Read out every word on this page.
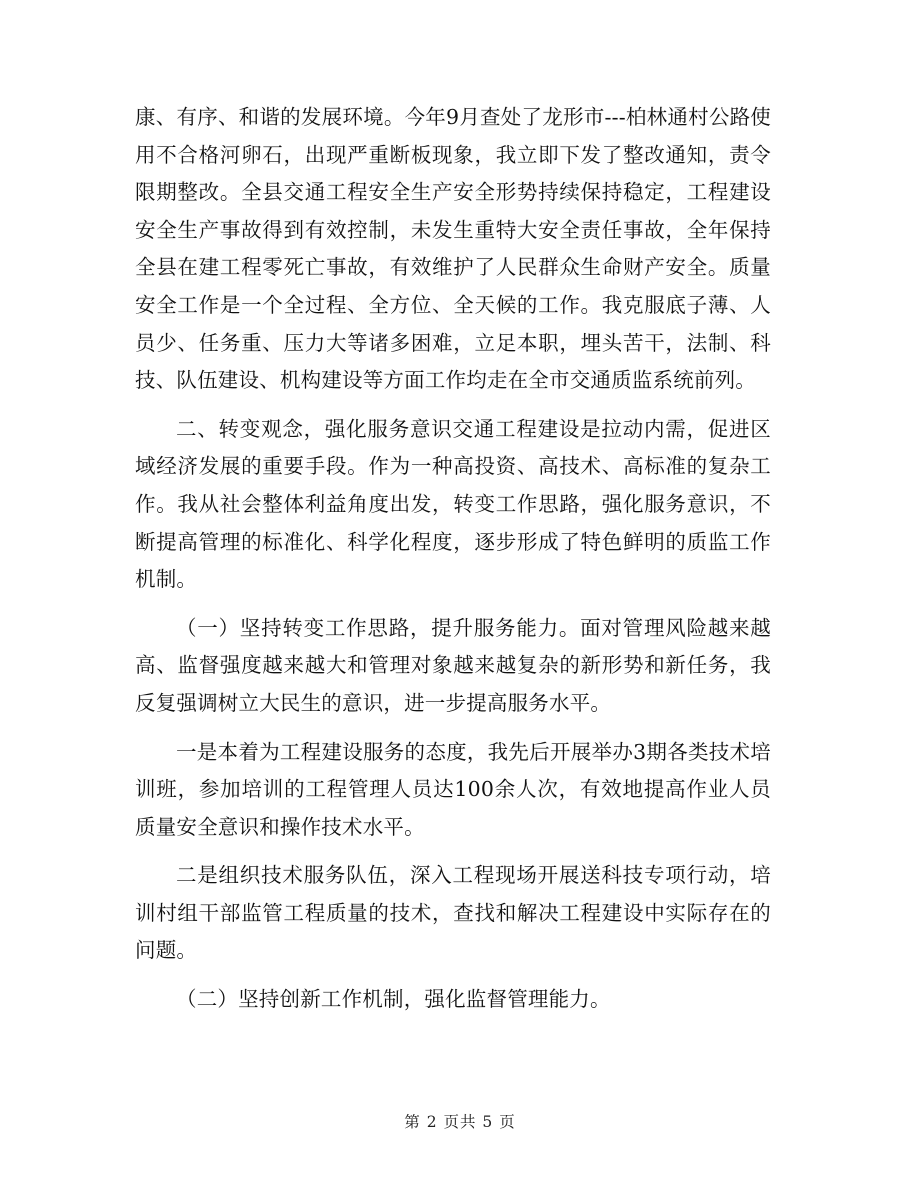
康、有序、和谐的发展环境。今年9月查处了龙形市---柏林通村公路使用不合格河卵石，出现严重断板现象，我立即下发了整改通知，责令限期整改。全县交通工程安全生产安全形势持续保持稳定，工程建设安全生产事故得到有效控制，未发生重特大安全责任事故，全年保持全县在建工程零死亡事故，有效维护了人民群众生命财产安全。质量安全工作是一个全过程、全方位、全天候的工作。我克服底子薄、人员少、任务重、压力大等诸多困难，立足本职，埋头苦干，法制、科技、队伍建设、机构建设等方面工作均走在全市交通质监系统前列。

二、转变观念，强化服务意识交通工程建设是拉动内需，促进区域经济发展的重要手段。作为一种高投资、高技术、高标准的复杂工作。我从社会整体利益角度出发，转变工作思路，强化服务意识，不断提高管理的标准化、科学化程度，逐步形成了特色鲜明的质监工作机制。

（一）坚持转变工作思路，提升服务能力。面对管理风险越来越高、监督强度越来越大和管理对象越来越复杂的新形势和新任务，我反复强调树立大民生的意识，进一步提高服务水平。

一是本着为工程建设服务的态度，我先后开展举办3期各类技术培训班，参加培训的工程管理人员达100余人次，有效地提高作业人员质量安全意识和操作技术水平。

二是组织技术服务队伍，深入工程现场开展送科技专项行动，培训村组干部监管工程质量的技术，查找和解决工程建设中实际存在的问题。

（二）坚持创新工作机制，强化监督管理能力。

第 2 页共 5 页
